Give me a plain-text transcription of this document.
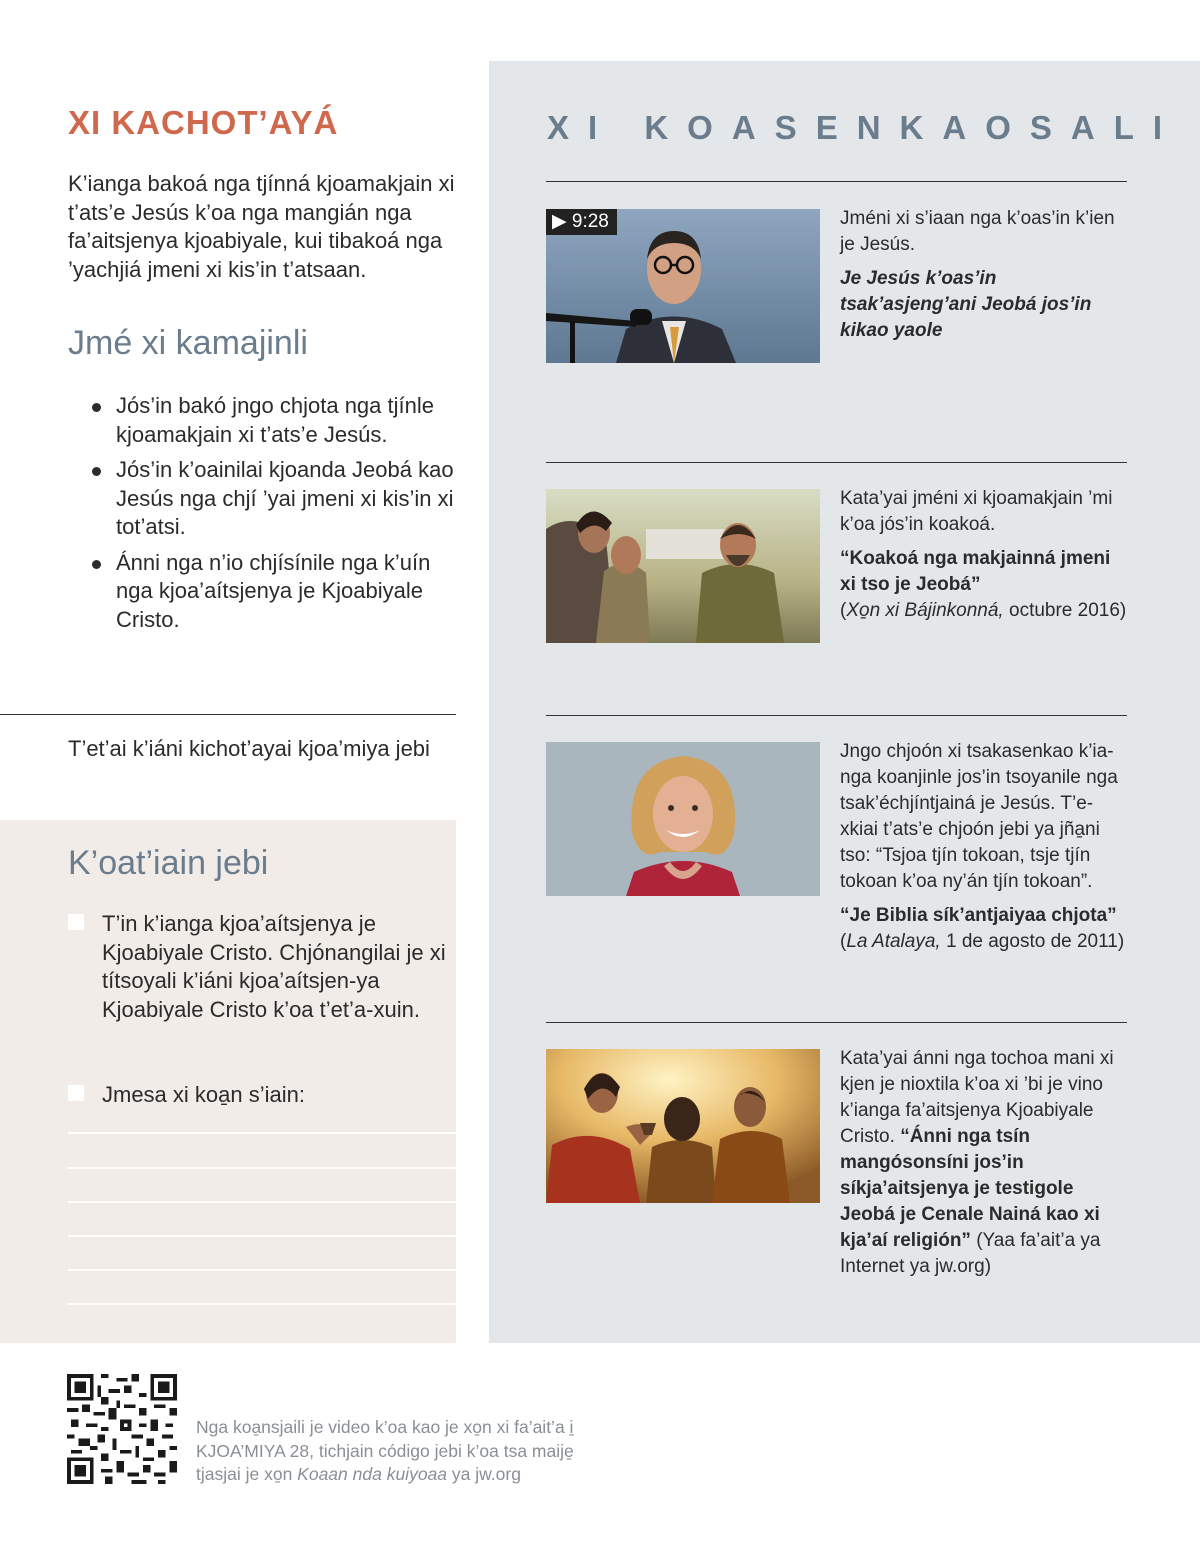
XI KACHOT’AYÁ

K’ianga bakoá nga tjínná kjoamakjain xi t’ats’e Jesús k’oa nga mangián nga fa’aitsjenya kjoabiyale, kui tibakoá nga ’yachjiá jmeni xi kis’in t’atsaan.

Jmé xi kamajinli
Jós’in bakó jngo chjota nga tjínle kjoamakjain xi t’ats’e Jesús.
Jós’in k’oainilai kjoanda Jeobá kao Jesús nga chjí ’yai jmeni xi kis’in xi tot’atsi.
Ánni nga n’io chjísínile nga k’uín nga kjoa’aítsjenya je Kjoabiyale Cristo.

T’et’ai k’iáni kichot’ayai kjoa’miya jebi

K’oat’iain jebi
T’in k’ianga kjoa’aítsjenya je Kjoabiyale Cristo. Chjónangilai je xi títsoyali k’iáni kjoa’aítsjen-ya Kjoabiyale Cristo k’oa t’et’a-xuin.
Jmesa xi koa̱n s’iain:
XI KOASENKAOSALI
▶ 9:28	Jméni xi s’iaan nga k’oas’in k’ien je Jesús.
Je Jesús k’oas’in tsak’asjeng’ani Jeobá jos’in kikao yaole
Kata’yai jméni xi kjoamakjain ’mi k’oa jós’in koakoá.
“Koakoá nga makjainná jmeni xi tso je Jeobá”
(Xo̱n xi Bájinkonná, octubre 2016)
Jngo chjoón xi tsakasenkao k’ia-nga koanjinle jos’in tsoyanile nga tsak’échjíntjainá je Jesús. T’e-xkiai t’ats’e chjoón jebi ya jña̱ni tso: “Tsjoa tjín tokoan, tsje tjín tokoan k’oa ny’án tjín tokoan”.
“Je Biblia sík’antjaiyaa chjota”
(La Atalaya, 1 de agosto de 2011)
Kata’yai ánni nga tochoa mani xi kjen je nioxtila k’oa xi ’bi je vino k’ianga fa’aitsjenya Kjoabiyale Cristo. “Ánni nga tsín mangósonsíni jos’in síkja’aitsjenya je testigole Jeobá je Cenale Nainá kao xi kja’aí religión” (Yaa fa’ait’a ya Internet ya jw.org)

Nga koa̱nsjaili je video k’oa kao je xo̱n xi fa’ait’a i̱ KJOA’MIYA 28, tichjain código jebi k’oa tsa maije̱ tjasjai je xo̱n Koaan nda kuiyoaa ya jw.org
